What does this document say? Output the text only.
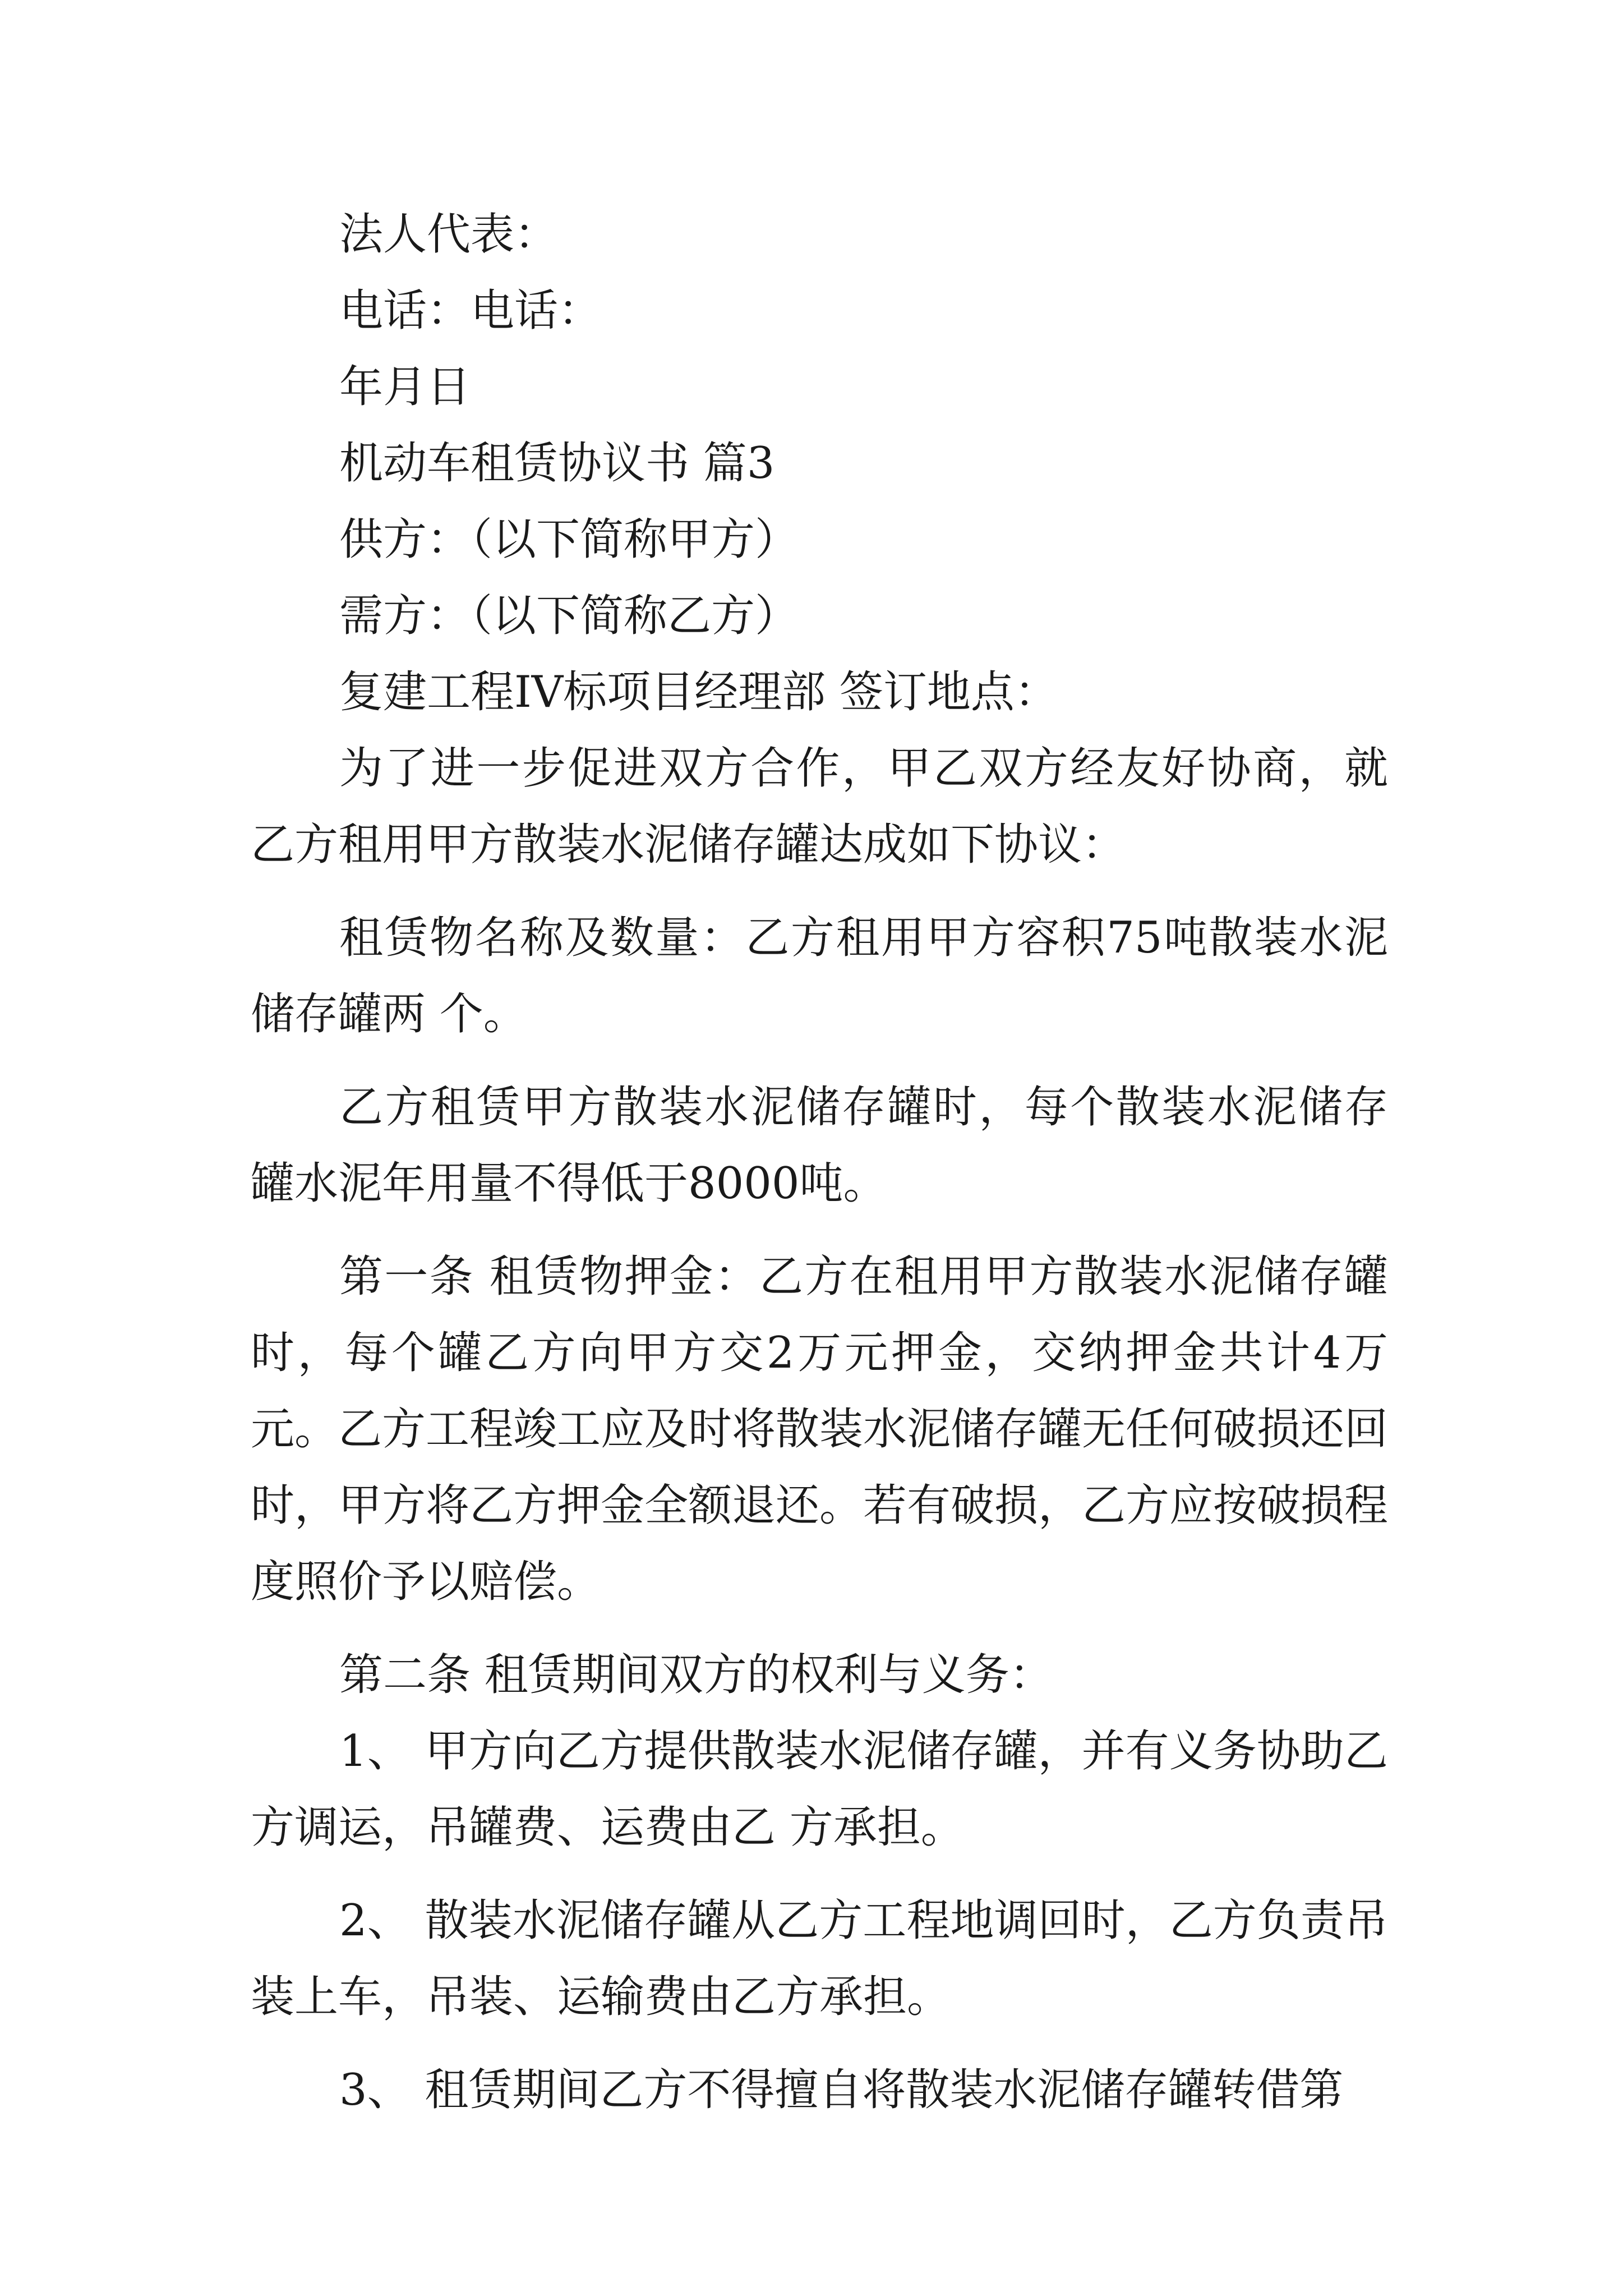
法人代表：

电话：电话：

年月日

机动车租赁协议书 篇3

供方：（以下简称甲方）

需方：（以下简称乙方）

复建工程IV标项目经理部 签订地点：

为了进一步促进双方合作，甲乙双方经友好协商，就乙方租用甲方散装水泥储存罐达成如下协议：

租赁物名称及数量：乙方租用甲方容积75吨散装水泥储存罐两 个。

乙方租赁甲方散装水泥储存罐时，每个散装水泥储存罐水泥年用量不得低于8000吨。

第一条 租赁物押金：乙方在租用甲方散装水泥储存罐时，每个罐乙方向甲方交2万元押金，交纳押金共计4万元。乙方工程竣工应及时将散装水泥储存罐无任何破损还回时，甲方将乙方押金全额退还。若有破损，乙方应按破损程度照价予以赔偿。

第二条 租赁期间双方的权利与义务：

1、 甲方向乙方提供散装水泥储存罐，并有义务协助乙方调运，吊罐费、运费由乙 方承担。

2、 散装水泥储存罐从乙方工程地调回时，乙方负责吊装上车，吊装、运输费由乙方承担。

3、 租赁期间乙方不得擅自将散装水泥储存罐转借第
